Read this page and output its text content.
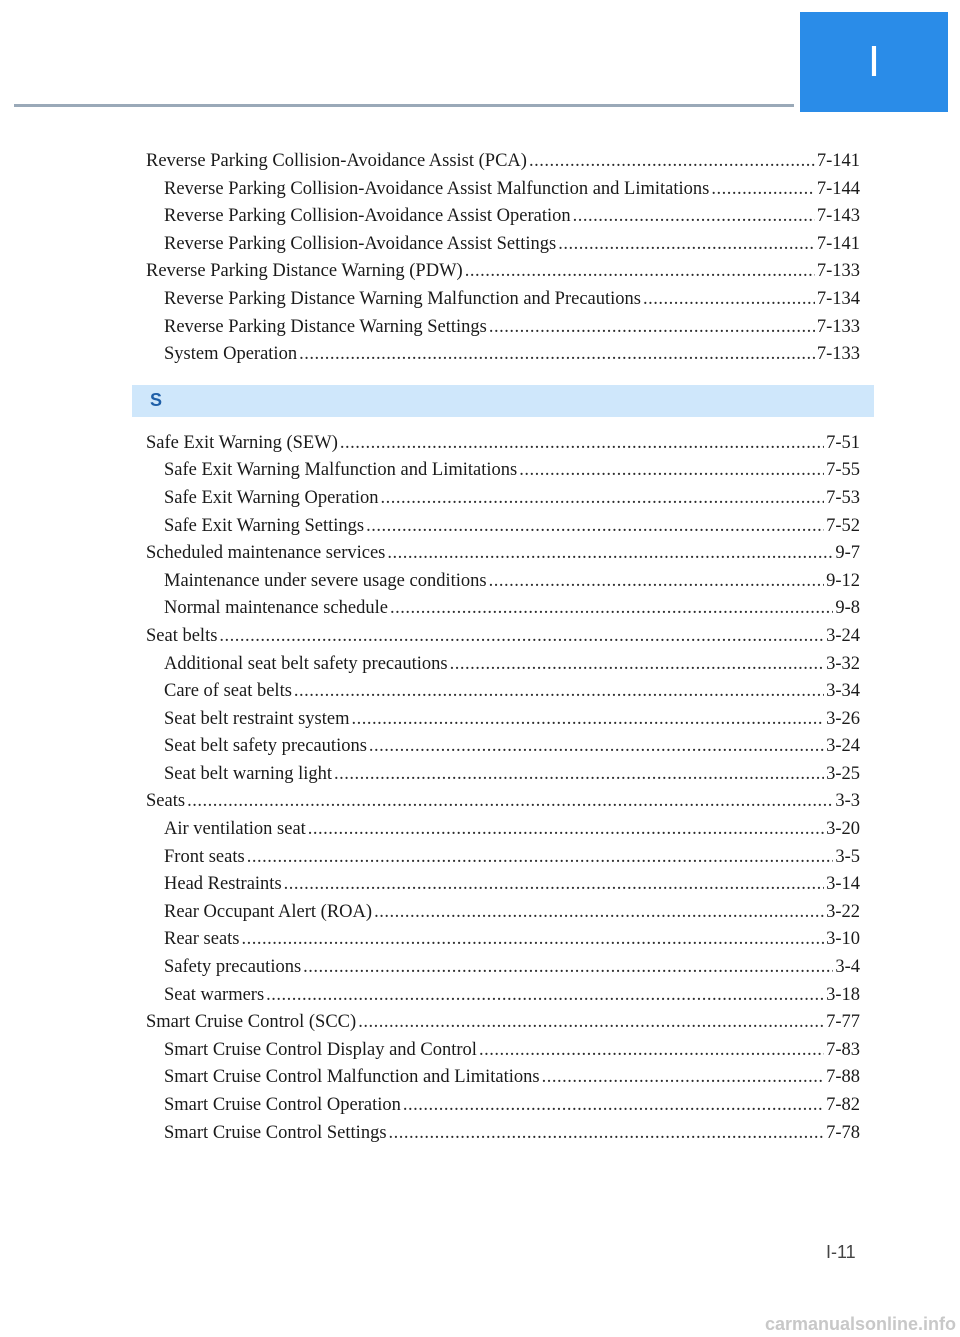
I
Reverse Parking Collision-Avoidance Assist (PCA) .....	7-141
Reverse Parking Collision-Avoidance Assist Malfunction and Limitations .....	7-144
Reverse Parking Collision-Avoidance Assist Operation .....	7-143
Reverse Parking Collision-Avoidance Assist Settings .....	7-141
Reverse Parking Distance Warning (PDW) .....	7-133
Reverse Parking Distance Warning Malfunction and Precautions .....	7-134
Reverse Parking Distance Warning Settings .....	7-133
System Operation .....	7-133
S
Safe Exit Warning (SEW) .....	7-51
Safe Exit Warning Malfunction and Limitations .....	7-55
Safe Exit Warning Operation .....	7-53
Safe Exit Warning Settings .....	7-52
Scheduled maintenance services .....	9-7
Maintenance under severe usage conditions .....	9-12
Normal maintenance schedule .....	9-8
Seat belts .....	3-24
Additional seat belt safety precautions .....	3-32
Care of seat belts .....	3-34
Seat belt restraint system .....	3-26
Seat belt safety precautions .....	3-24
Seat belt warning light .....	3-25
Seats .....	3-3
Air ventilation seat .....	3-20
Front seats .....	3-5
Head Restraints .....	3-14
Rear Occupant Alert (ROA) .....	3-22
Rear seats .....	3-10
Safety precautions .....	3-4
Seat warmers .....	3-18
Smart Cruise Control (SCC) .....	7-77
Smart Cruise Control Display and Control .....	7-83
Smart Cruise Control Malfunction and Limitations .....	7-88
Smart Cruise Control Operation .....	7-82
Smart Cruise Control Settings .....	7-78
I-11
carmanualsonline.info
